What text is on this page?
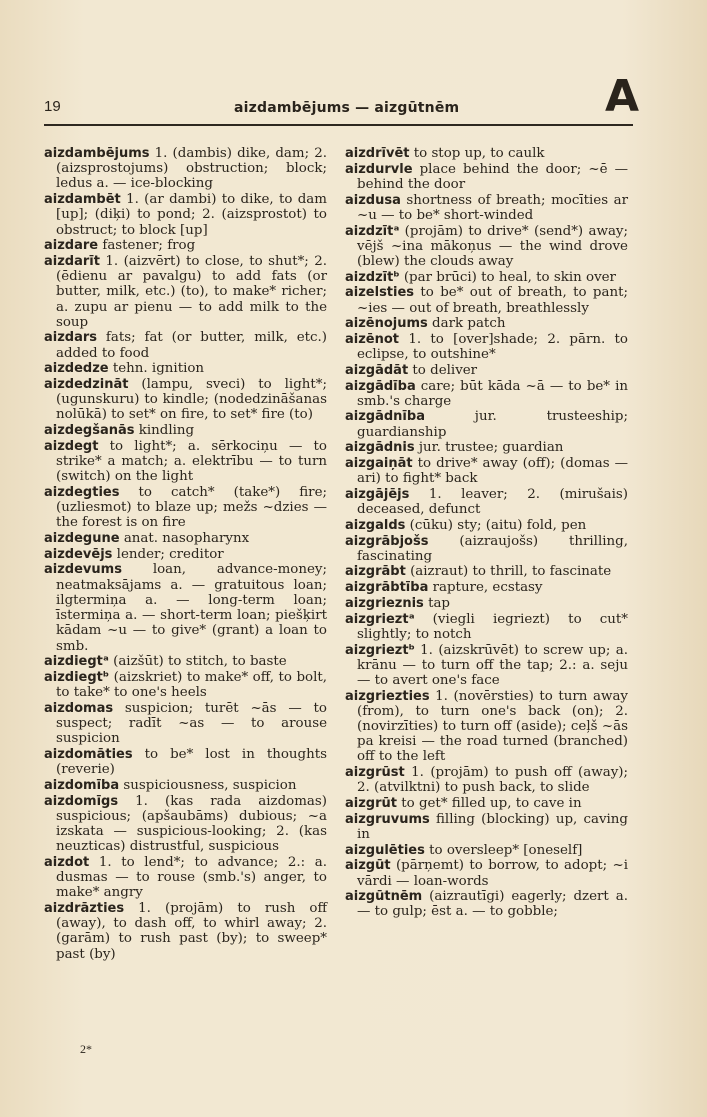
19	aizdambējums — aizgūtnēm	A
aizdambējums 1. (dambis) dike, dam; 2. (aizsprostojums) obstruction; block; ledus a. — ice-blocking
aizdambēt 1. (ar dambi) to dike, to dam [up]; (diķi) to pond; 2. (aizsprostot) to obstruct; to block [up]
aizdare fastener; frog
aizdarīt 1. (aizvērt) to close, to shut*; 2. (ēdienu ar pavalgu) to add fats (or butter, milk, etc.) (to), to make* richer; a. zupu ar pienu — to add milk to the soup
aizdars fats; fat (or butter, milk, etc.) added to food
aizdedze tehn. ignition
aizdedzināt (lampu, sveci) to light*; (ugunskuru) to kindle; (nodedzināšanas nolūkā) to set* on fire, to set* fire (to)
aizdegšanās kindling
aizdegt to light*; a. sērkociņu — to strike* a match; a. elektrību — to turn (switch) on the light
aizdegties to catch* (take*) fire; (uzliesmot) to blaze up; mežs ~dzies — the forest is on fire
aizdegune anat. nasopharynx
aizdevējs lender; creditor
aizdevums loan, advance-money; neatmaksājams a. — gratuitous loan; ilgtermiņa a. — long-term loan; īstermiņa a. — short-term loan; piešķirt kādam ~u — to give* (grant) a loan to smb.
aizdiegtᵃ (aizšūt) to stitch, to baste
aizdiegtᵇ (aizskriet) to make* off, to bolt, to take* to one's heels
aizdomas suspicion; turēt ~ās — to suspect; radīt ~as — to arouse suspicion
aizdomāties to be* lost in thoughts (reverie)
aizdomība suspiciousness, suspicion
aizdomīgs 1. (kas rada aizdomas) suspicious; (apšaubāms) dubious; ~a izskata — suspicious-looking; 2. (kas neuzticas) distrustful, suspicious
aizdot 1. to lend*; to advance; 2.: a. dusmas — to rouse (smb.'s) anger, to make* angry
aizdrāzties 1. (projām) to rush off (away), to dash off, to whirl away; 2. (garām) to rush past (by); to sweep* past (by)
aizdrīvēt to stop up, to caulk
aizdurvle place behind the door; ~ē — behind the door
aizdusa shortness of breath; mocīties ar ~u — to be* short-winded
aizdzītᵃ (projām) to drive* (send*) away; vējš ~ina mākoņus — the wind drove (blew) the clouds away
aizdzītᵇ (par brūci) to heal, to skin over
aizelsties to be* out of breath, to pant; ~ies — out of breath, breathlessly
aizēnojums dark patch
aizēnot 1. to [over]shade; 2. pārn. to eclipse, to outshine*
aizgādāt to deliver
aizgādība care; būt kāda ~ā — to be* in smb.'s charge
aizgādnība jur. trusteeship; guardianship
aizgādnis jur. trustee; guardian
aizgaiņāt to drive* away (off); (domas — ari) to fight* back
aizgājējs 1. leaver; 2. (mirušais) deceased, defunct
aizgalds (cūku) sty; (aitu) fold, pen
aizgrābjošs (aizraujošs) thrilling, fascinating
aizgrābt (aizraut) to thrill, to fascinate
aizgrābtība rapture, ecstasy
aizgrieznis tap
aizgrieztᵃ (viegli iegriezt) to cut* slightly; to notch
aizgrieztᵇ 1. (aizskrūvēt) to screw up; a. krānu — to turn off the tap; 2.: a. seju — to avert one's face
aizgriezties 1. (novērsties) to turn away (from), to turn one's back (on); 2. (novirzīties) to turn off (aside); ceļš ~ās pa kreisi — the road turned (branched) off to the left
aizgrūst 1. (projām) to push off (away); 2. (atvilktni) to push back, to slide
aizgrūt to get* filled up, to cave in
aizgruvums filling (blocking) up, caving in
aizgulēties to oversleep* [oneself]
aizgūt (pārņemt) to borrow, to adopt; ~i vārdi — loan-words
aizgūtnēm (aizrautīgi) eagerly; dzert a. — to gulp; ēst a. — to gobble;
2*
